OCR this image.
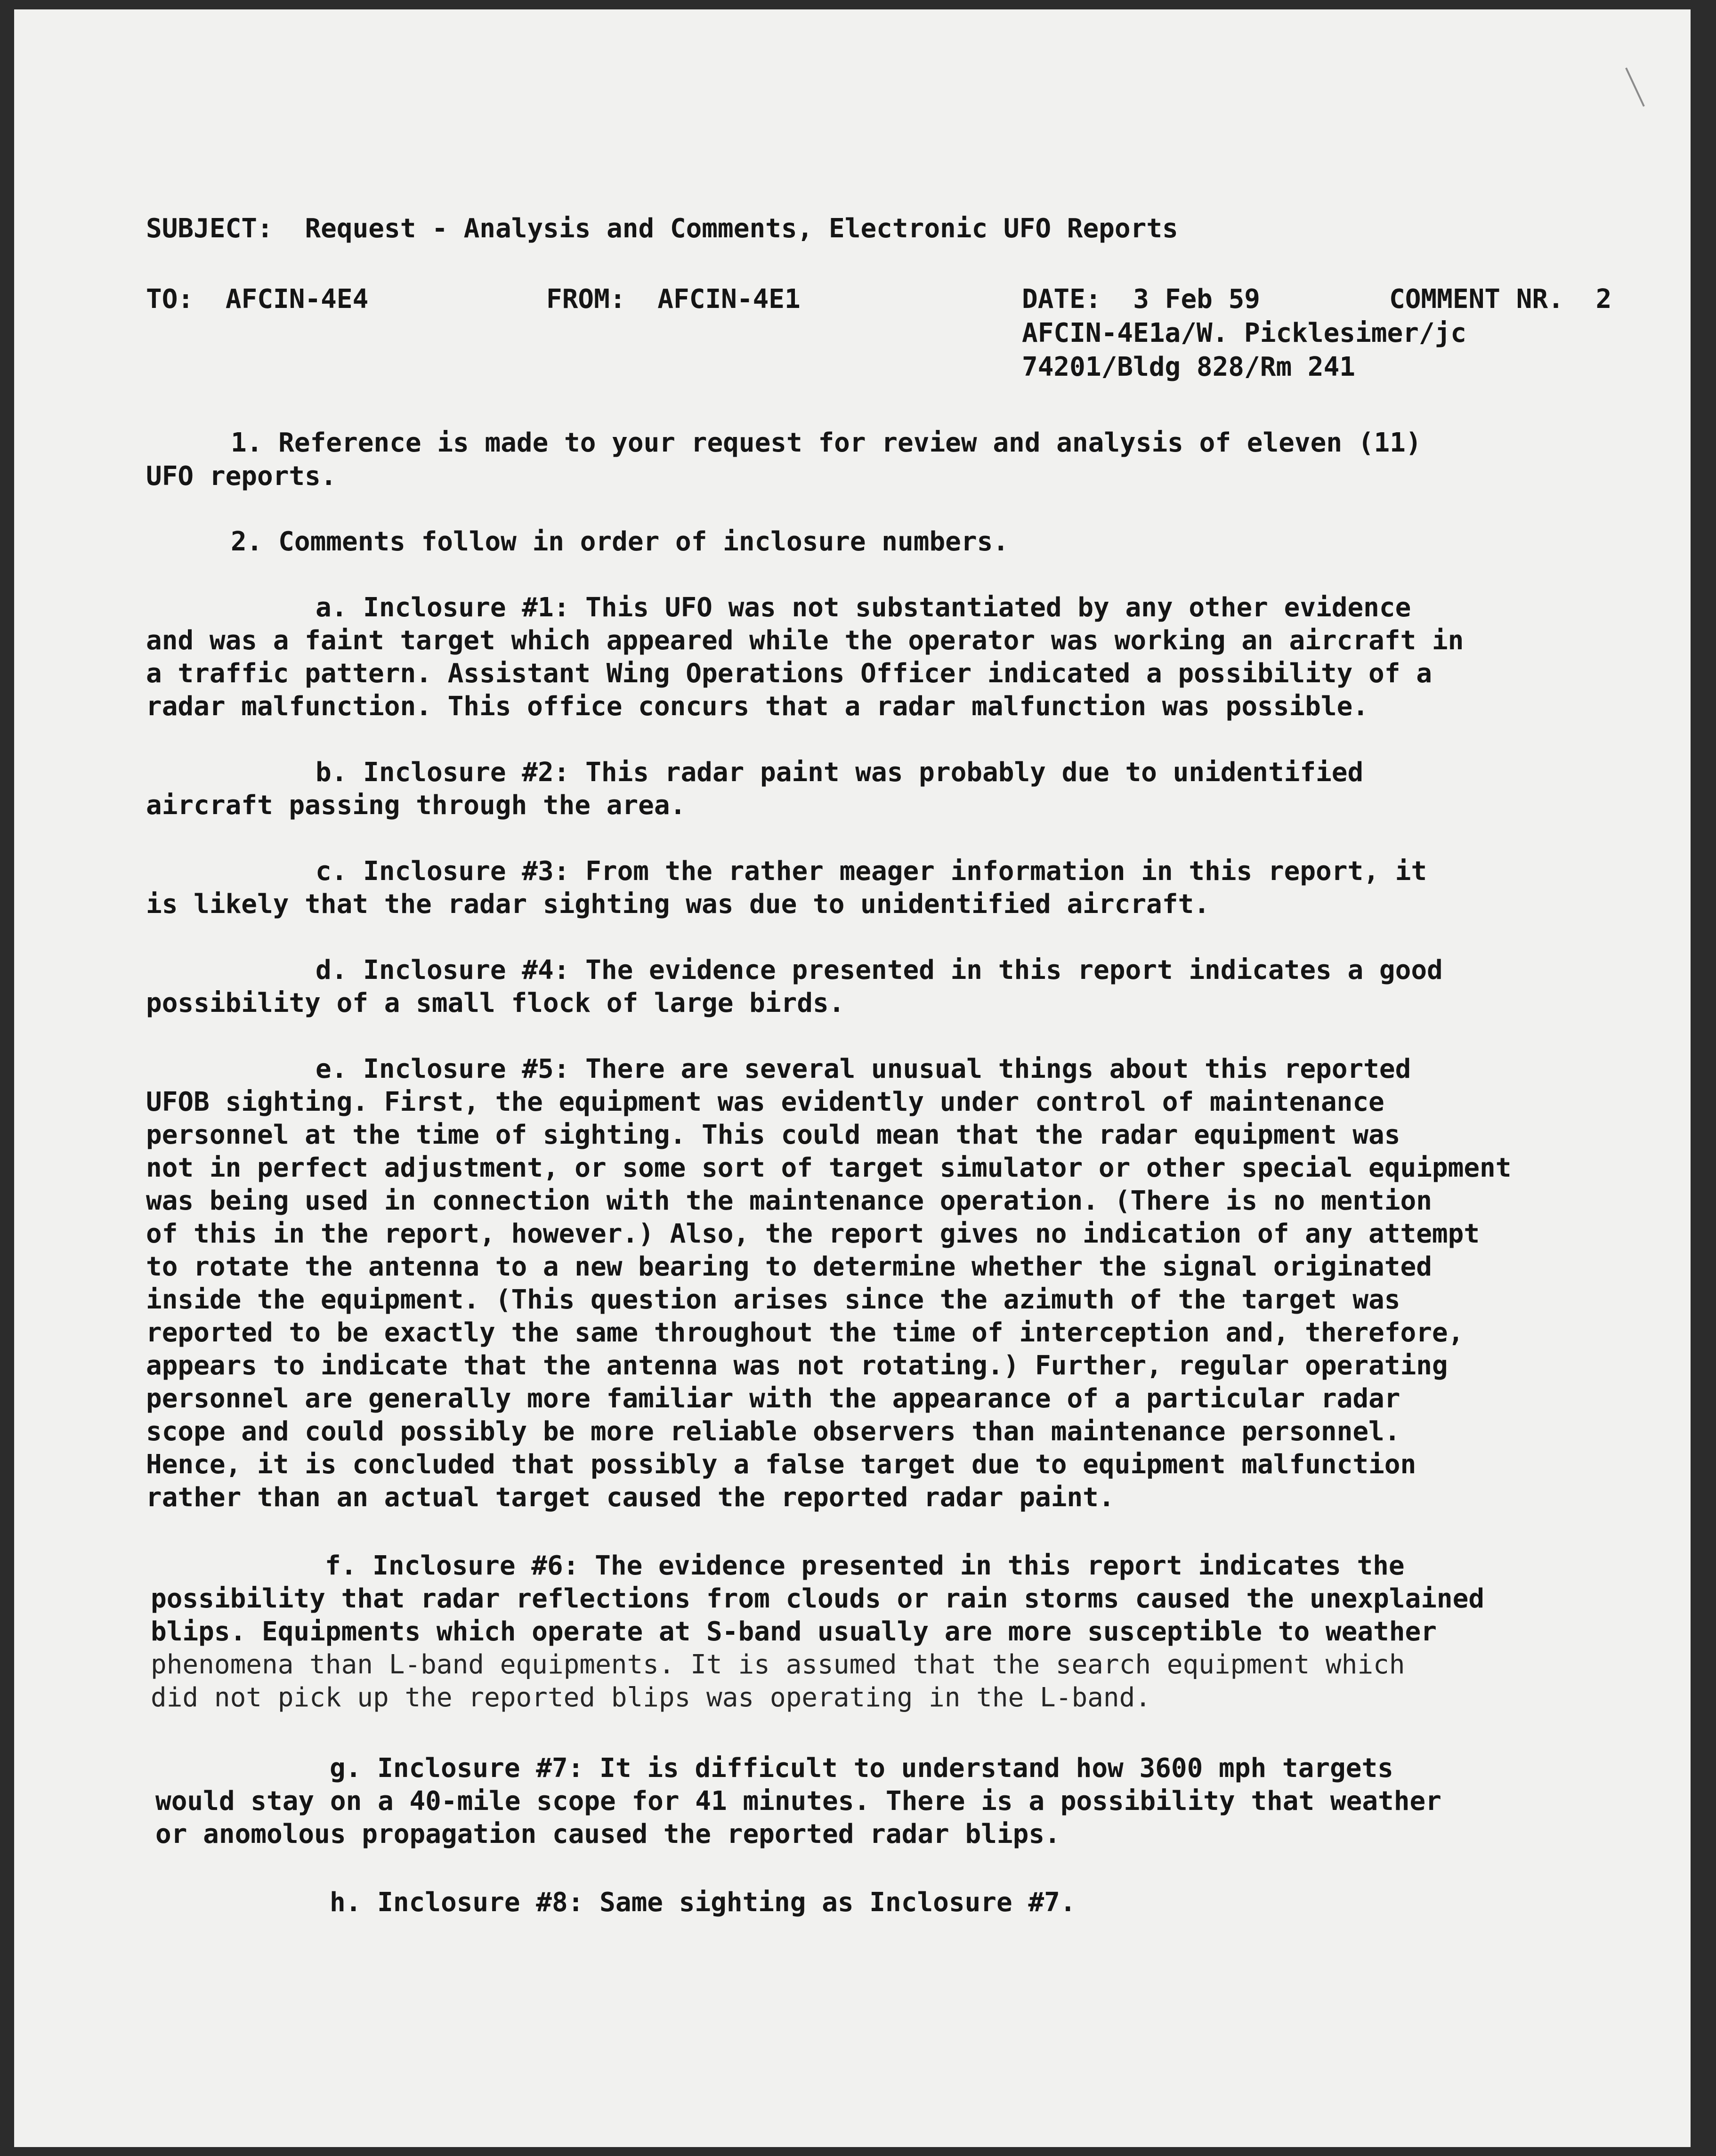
SUBJECT: Request - Analysis and Comments, Electronic UFO Reports
TO: AFCIN-4E4	FROM: AFCIN-4E1	DATE: 3 Feb 59	COMMENT NR. 2
AFCIN-4E1a/W. Picklesimer/jc
74201/Bldg 828/Rm 241
1. Reference is made to your request for review and analysis of eleven (11)
UFO reports.
2. Comments follow in order of inclosure numbers.
a. Inclosure #1: This UFO was not substantiated by any other evidence
and was a faint target which appeared while the operator was working an aircraft in
a traffic pattern. Assistant Wing Operations Officer indicated a possibility of a
radar malfunction. This office concurs that a radar malfunction was possible.
b. Inclosure #2: This radar paint was probably due to unidentified
aircraft passing through the area.
c. Inclosure #3: From the rather meager information in this report, it
is likely that the radar sighting was due to unidentified aircraft.
d. Inclosure #4: The evidence presented in this report indicates a good
possibility of a small flock of large birds.
e. Inclosure #5: There are several unusual things about this reported
UFOB sighting. First, the equipment was evidently under control of maintenance
personnel at the time of sighting. This could mean that the radar equipment was
not in perfect adjustment, or some sort of target simulator or other special equipment
was being used in connection with the maintenance operation. (There is no mention
of this in the report, however.) Also, the report gives no indication of any attempt
to rotate the antenna to a new bearing to determine whether the signal originated
inside the equipment. (This question arises since the azimuth of the target was
reported to be exactly the same throughout the time of interception and, therefore,
appears to indicate that the antenna was not rotating.) Further, regular operating
personnel are generally more familiar with the appearance of a particular radar
scope and could possibly be more reliable observers than maintenance personnel.
Hence, it is concluded that possibly a false target due to equipment malfunction
rather than an actual target caused the reported radar paint.
f. Inclosure #6: The evidence presented in this report indicates the
possibility that radar reflections from clouds or rain storms caused the unexplained
blips. Equipments which operate at S-band usually are more susceptible to weather
phenomena than L-band equipments. It is assumed that the search equipment which
did not pick up the reported blips was operating in the L-band.
g. Inclosure #7: It is difficult to understand how 3600 mph targets
would stay on a 40-mile scope for 41 minutes. There is a possibility that weather
or anomolous propagation caused the reported radar blips.
h. Inclosure #8: Same sighting as Inclosure #7.
